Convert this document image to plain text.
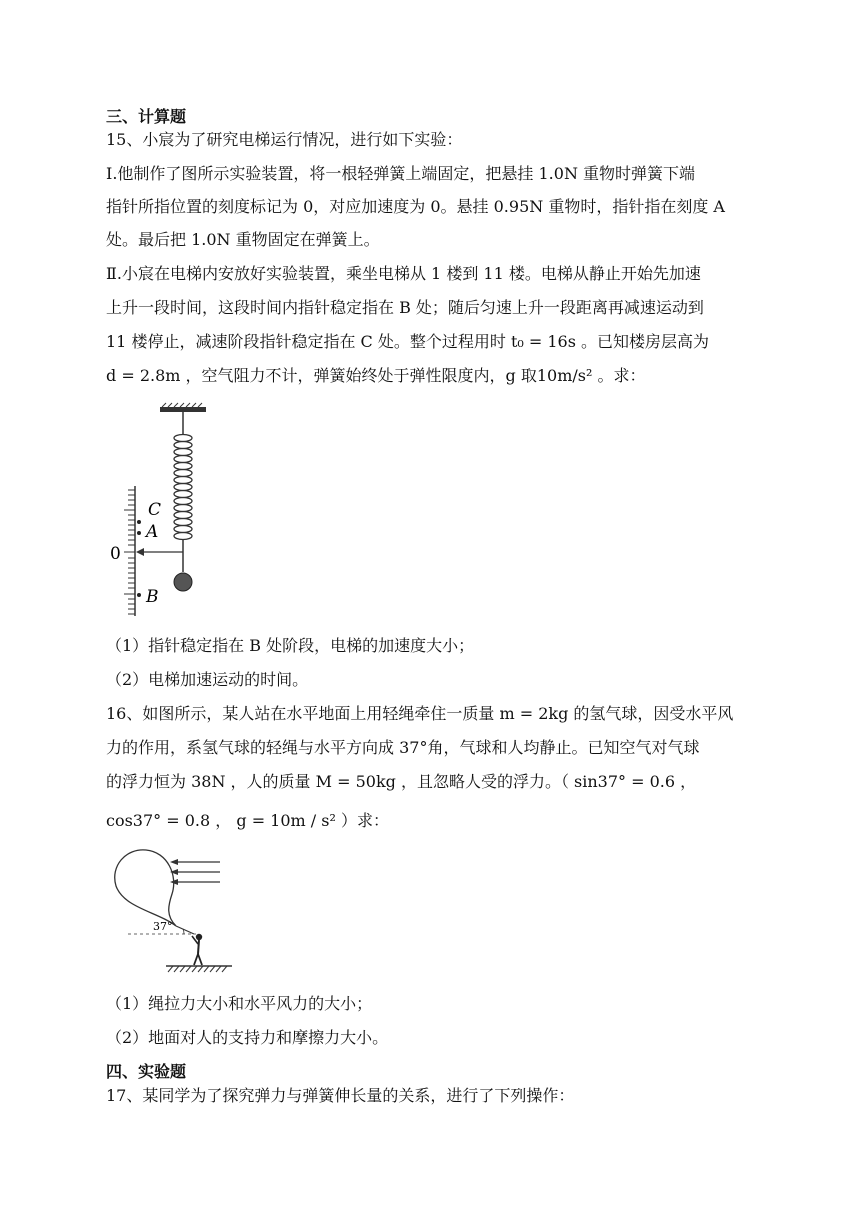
三、计算题
15、小宸为了研究电梯运行情况，进行如下实验：
Ⅰ.他制作了图所示实验装置，将一根轻弹簧上端固定，把悬挂 1.0N 重物时弹簧下端
指针所指位置的刻度标记为 0，对应加速度为 0。悬挂 0.95N 重物时，指针指在刻度 A
处。最后把 1.0N 重物固定在弹簧上。
Ⅱ.小宸在电梯内安放好实验装置，乘坐电梯从 1 楼到 11 楼。电梯从静止开始先加速
上升一段时间，这段时间内指针稳定指在 B 处；随后匀速上升一段距离再减速运动到
11 楼停止，减速阶段指针稳定指在 C 处。整个过程用时 t₀ = 16s 。已知楼房层高为
d = 2.8m ，空气阻力不计，弹簧始终处于弹性限度内，g 取10m/s² 。求：
C
A
0
B
（1）指针稳定指在 B 处阶段，电梯的加速度大小；
（2）电梯加速运动的时间。
16、如图所示，某人站在水平地面上用轻绳牵住一质量 m = 2kg 的氢气球，因受水平风
力的作用，系氢气球的轻绳与水平方向成 37°角，气球和人均静止。已知空气对气球
的浮力恒为 38N ，人的质量 M = 50kg ，且忽略人受的浮力。（ sin37° = 0.6 ，
cos37° = 0.8 ， g = 10m / s² ）求：
37°
（1）绳拉力大小和水平风力的大小；
（2）地面对人的支持力和摩擦力大小。
四、实验题
17、某同学为了探究弹力与弹簧伸长量的关系，进行了下列操作：
